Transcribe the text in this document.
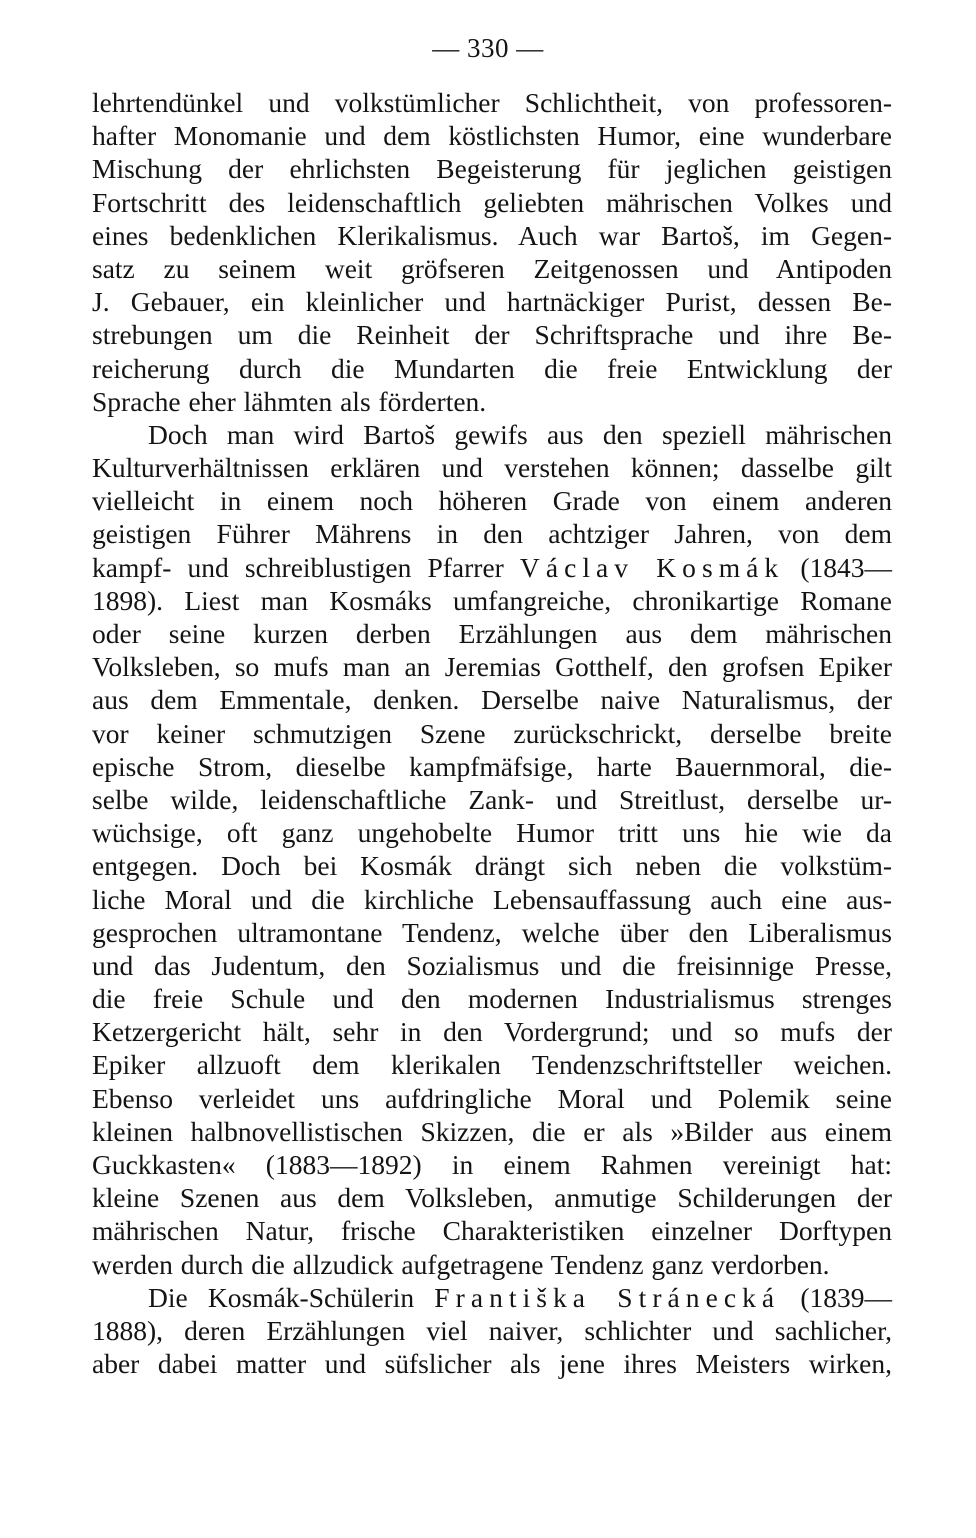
— 330 —
lehrtendünkel und volkstümlicher Schlichtheit, von professoren-
hafter Monomanie und dem köstlichsten Humor, eine wunderbare
Mischung der ehrlichsten Begeisterung für jeglichen geistigen
Fortschritt des leidenschaftlich geliebten mährischen Volkes und
eines bedenklichen Klerikalismus. Auch war Bartoš, im Gegen-
satz zu seinem weit gröfseren Zeitgenossen und Antipoden
J. Gebauer, ein kleinlicher und hartnäckiger Purist, dessen Be-
strebungen um die Reinheit der Schriftsprache und ihre Be-
reicherung durch die Mundarten die freie Entwicklung der
Sprache eher lähmten als förderten.
Doch man wird Bartoš gewifs aus den speziell mährischen
Kulturverhältnissen erklären und verstehen können; dasselbe gilt
vielleicht in einem noch höheren Grade von einem anderen
geistigen Führer Mährens in den achtziger Jahren, von dem
kampf- und schreiblustigen Pfarrer Václav Kosmák (1843—
1898). Liest man Kosmáks umfangreiche, chronikartige Romane
oder seine kurzen derben Erzählungen aus dem mährischen
Volksleben, so mufs man an Jeremias Gotthelf, den grofsen Epiker
aus dem Emmentale, denken. Derselbe naive Naturalismus, der
vor keiner schmutzigen Szene zurückschrickt, derselbe breite
epische Strom, dieselbe kampfmäfsige, harte Bauernmoral, die-
selbe wilde, leidenschaftliche Zank- und Streitlust, derselbe ur-
wüchsige, oft ganz ungehobelte Humor tritt uns hie wie da
entgegen. Doch bei Kosmák drängt sich neben die volkstüm-
liche Moral und die kirchliche Lebensauffassung auch eine aus-
gesprochen ultramontane Tendenz, welche über den Liberalismus
und das Judentum, den Sozialismus und die freisinnige Presse,
die freie Schule und den modernen Industrialismus strenges
Ketzergericht hält, sehr in den Vordergrund; und so mufs der
Epiker allzuoft dem klerikalen Tendenzschriftsteller weichen.
Ebenso verleidet uns aufdringliche Moral und Polemik seine
kleinen halbnovellistischen Skizzen, die er als »Bilder aus einem
Guckkasten« (1883—1892) in einem Rahmen vereinigt hat:
kleine Szenen aus dem Volksleben, anmutige Schilderungen der
mährischen Natur, frische Charakteristiken einzelner Dorftypen
werden durch die allzudick aufgetragene Tendenz ganz verdorben.
Die Kosmák-Schülerin Františka Stránecká (1839—
1888), deren Erzählungen viel naiver, schlichter und sachlicher,
aber dabei matter und süfslicher als jene ihres Meisters wirken,
